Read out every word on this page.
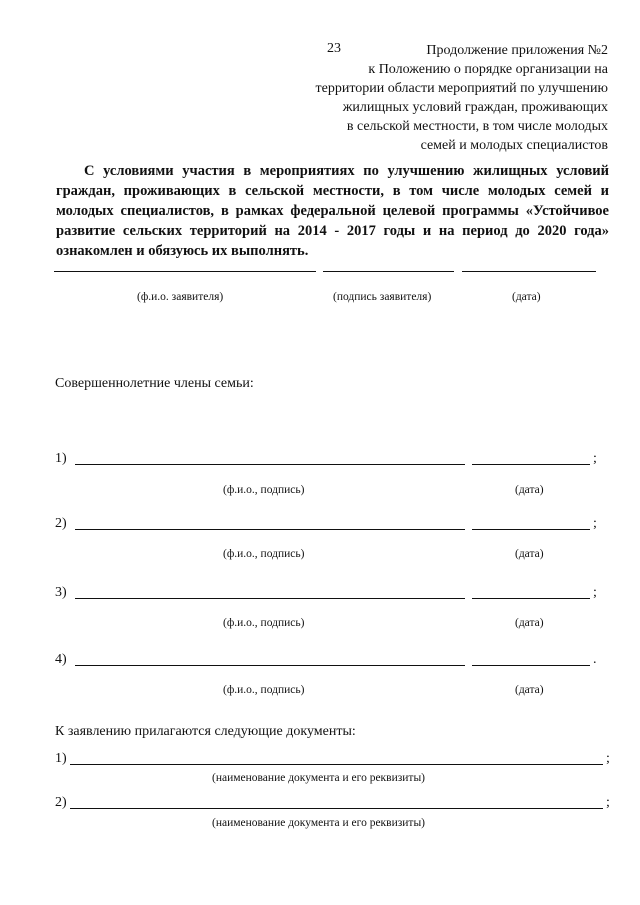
23	Продолжение приложения №2
к Положению о порядке организации на
территории области мероприятий по улучшению
жилищных условий граждан, проживающих
в сельской местности, в том числе молодых
семей и молодых специалистов
С условиями участия в мероприятиях по улучшению жилищных условий граждан, проживающих в сельской местности, в том числе молодых семей и молодых специалистов, в рамках федеральной целевой программы «Устойчивое развитие сельских территорий на 2014 - 2017 годы и на период до 2020 года» ознакомлен и обязуюсь их выполнять.
(ф.и.о. заявителя)	(подпись заявителя)	(дата)
Совершеннолетние члены семьи:
1)	;
(ф.и.о., подпись)	(дата)
2)	;
(ф.и.о., подпись)	(дата)
3)	;
(ф.и.о., подпись)	(дата)
4)	.
(ф.и.о., подпись)	(дата)
К заявлению прилагаются следующие документы:
1)	;
(наименование документа и его реквизиты)
2)	;
(наименование документа и его реквизиты)
